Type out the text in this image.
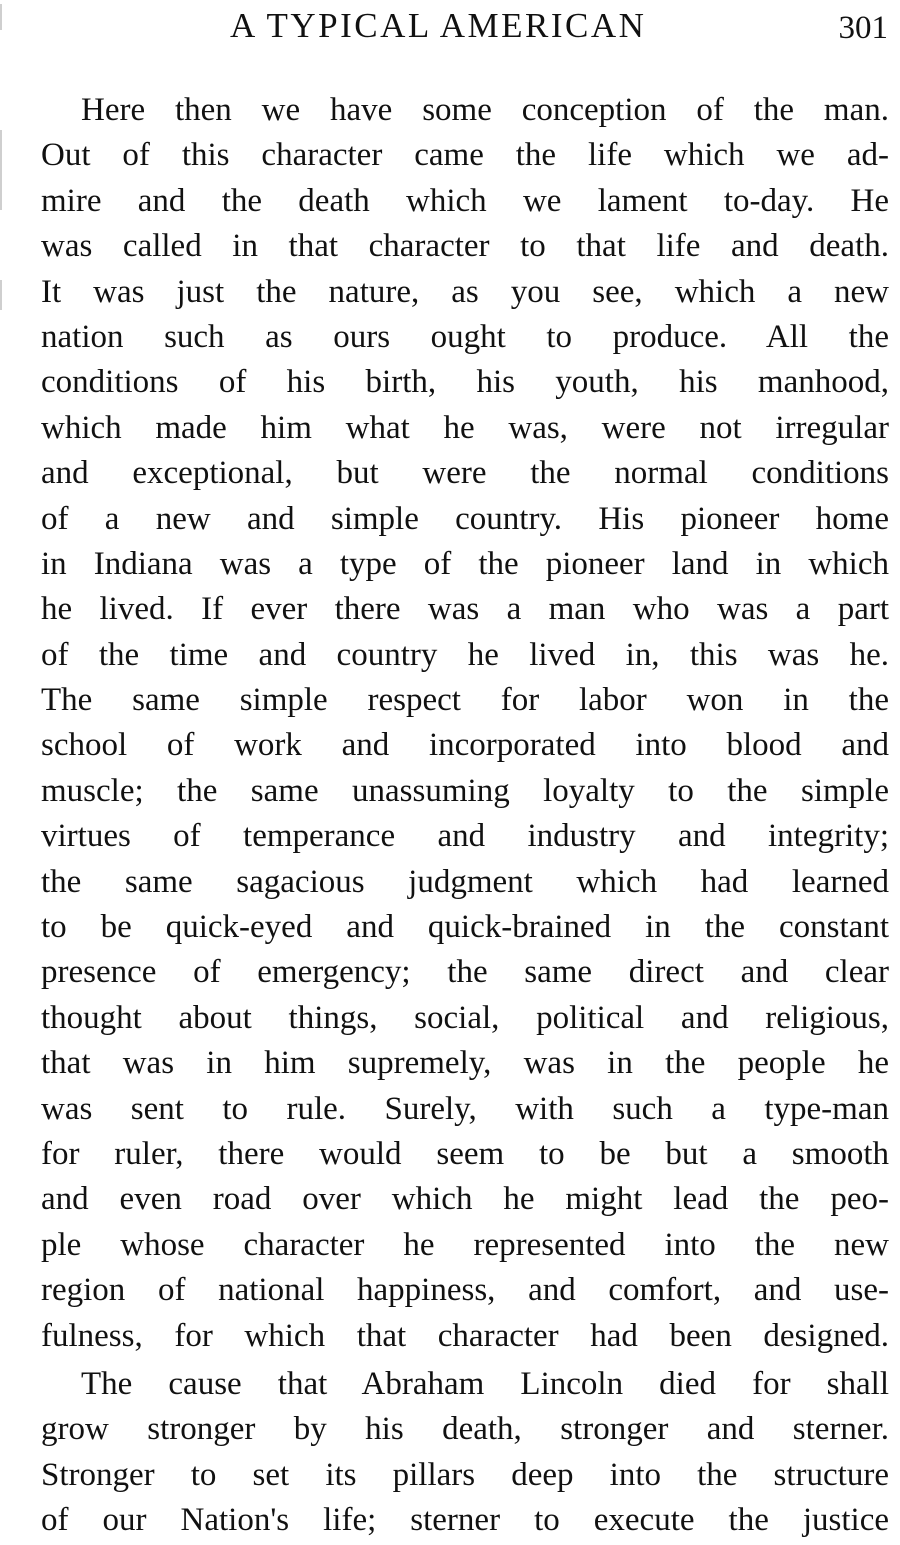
A TYPICAL AMERICAN	301

Here then we have some conception of the man.
Out of this character came the life which we ad-
mire and the death which we lament to-day. He
was called in that character to that life and death.
It was just the nature, as you see, which a new
nation such as ours ought to produce. All the
conditions of his birth, his youth, his manhood,
which made him what he was, were not irregular
and exceptional, but were the normal conditions
of a new and simple country. His pioneer home
in Indiana was a type of the pioneer land in which
he lived. If ever there was a man who was a part
of the time and country he lived in, this was he.
The same simple respect for labor won in the
school of work and incorporated into blood and
muscle; the same unassuming loyalty to the simple
virtues of temperance and industry and integrity;
the same sagacious judgment which had learned
to be quick-eyed and quick-brained in the constant
presence of emergency; the same direct and clear
thought about things, social, political and religious,
that was in him supremely, was in the people he
was sent to rule. Surely, with such a type-man
for ruler, there would seem to be but a smooth
and even road over which he might lead the peo-
ple whose character he represented into the new
region of national happiness, and comfort, and use-
fulness, for which that character had been designed.

The cause that Abraham Lincoln died for shall
grow stronger by his death, stronger and sterner.
Stronger to set its pillars deep into the structure
of our Nation's life; sterner to execute the justice
